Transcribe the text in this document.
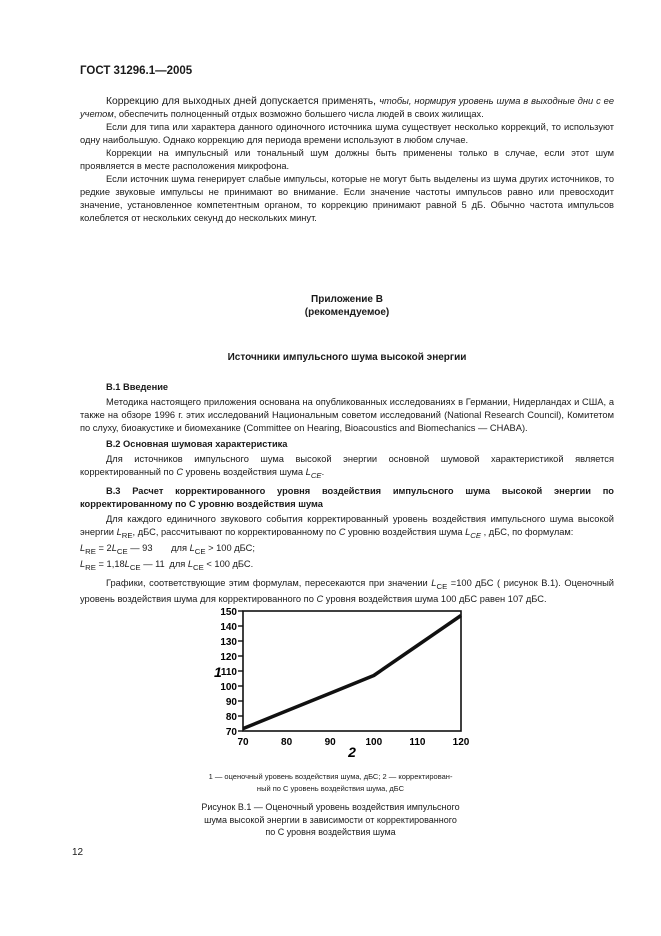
ГОСТ 31296.1—2005

Коррекцию для выходных дней допускается применять, чтобы, нормируя уровень шума в выходные дни с ее учетом, обеспечить полноценный отдых возможно большего числа людей в своих жилищах.

Если для типа или характера данного одиночного источника шума существует несколько коррекций, то используют одну наибольшую. Однако коррекцию для периода времени используют в любом случае.

Коррекции на импульсный или тональный шум должны быть применены только в случае, если этот шум проявляется в месте расположения микрофона.

Если источник шума генерирует слабые импульсы, которые не могут быть выделены из шума других источников, то редкие звуковые импульсы не принимают во внимание. Если значение частоты импульсов равно или превосходит значение, установленное компетентным органом, то коррекцию принимают равной 5 дБ. Обычно частота импульсов колеблется от нескольких секунд до нескольких минут.

Приложение В
(рекомендуемое)
Источники импульсного шума высокой энергии

В.1 Введение

Методика настоящего приложения основана на опубликованных исследованиях в Германии, Нидерландах и США, а также на обзоре 1996 г. этих исследований Национальным советом исследований (National Research Council), Комитетом по слуху, биоакустике и биомеханике (Committee on Hearing, Bioacoustics and Biomechanics — CHABA).

В.2 Основная шумовая характеристика

Для источников импульсного шума высокой энергии основной шумовой характеристикой является корректированный по С уровень воздействия шума $L_{CE}$.

В.3 Расчет корректированного уровня воздействия импульсного шума высокой энергии по корректированному по С уровню воздействия шума

Для каждого единичного звукового события корректированный уровень воздействия импульсного шума высокой энергии $L_{RE}$, дБС, рассчитывают по корректированному по С уровню воздействия шума $L_{CE}$ , дБС, по формулам:

$L_{RE} = 2L_{CE}$ — 93   для $L_{CE} > 100$ дБС;

$L_{RE} = 1,18L_{CE}$ — 11  для $L_{CE} < 100$ дБС.

Графики, соответствующие этим формулам, пересекаются при значении $L_{CE} =100$ дБС ( рисунок В.1). Оценочный уровень воздействия шума для корректированного по С уровня воздействия шума 100 дБС равен 107 дБС.

70
80
90
100
110
120
130
140
150
70	80	90	100	110	120
1
2
1 — оценочный уровень воздействия шума, дБС; 2 — корректирован-
ный по С уровень воздействия шума, дБС
Рисунок В.1 — Оценочный уровень воздействия импульсного
шума высокой энергии в зависимости от корректированного
по С уровня воздействия шума
12
